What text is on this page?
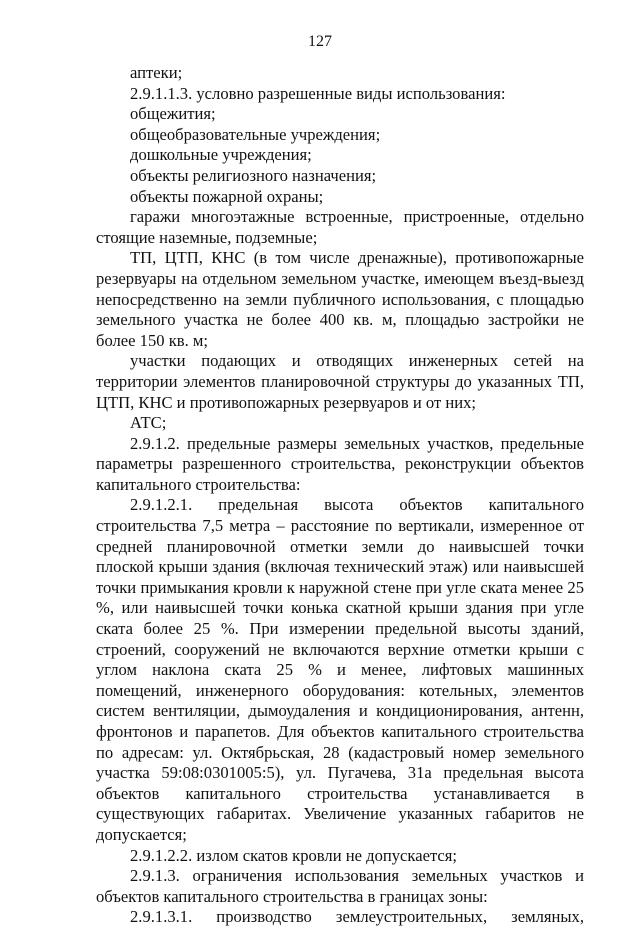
127

аптеки;

2.9.1.1.3. условно разрешенные виды использования:

общежития;

общеобразовательные учреждения;

дошкольные учреждения;

объекты религиозного назначения;

объекты пожарной охраны;

гаражи многоэтажные встроенные, пристроенные, отдельно стоящие наземные, подземные;

ТП, ЦТП, КНС (в том числе дренажные), противопожарные резервуары на отдельном земельном участке, имеющем въезд-выезд непосредственно на земли публичного использования, с площадью земельного участка не более 400 кв. м, площадью застройки не более 150 кв. м;

участки подающих и отводящих инженерных сетей на территории элементов планировочной структуры до указанных ТП, ЦТП, КНС и противопожарных резервуаров и от них;

АТС;

2.9.1.2. предельные размеры земельных участков, предельные параметры разрешенного строительства, реконструкции объектов капитального строительства:

2.9.1.2.1. предельная высота объектов капитального строительства 7,5 метра – расстояние по вертикали, измеренное от средней планировочной отметки земли до наивысшей точки плоской крыши здания (включая технический этаж) или наивысшей точки примыкания кровли к наружной стене при угле ската менее 25 %, или наивысшей точки конька скатной крыши здания при угле ската более 25 %. При измерении предельной высоты зданий, строений, сооружений не включаются верхние отметки крыши с углом наклона ската 25 % и менее, лифтовых машинных помещений, инженерного оборудования: котельных, элементов систем вентиляции, дымоудаления и кондиционирования, антенн, фронтонов и парапетов. Для объектов капитального строительства по адресам: ул. Октябрьская, 28 (кадастровый номер земельного участка 59:08:0301005:5), ул. Пугачева, 31а предельная высота объектов капитального строительства устанавливается в существующих габаритах. Увеличение указанных габаритов не допускается;

2.9.1.2.2. излом скатов кровли не допускается;

2.9.1.3. ограничения использования земельных участков и объектов капитального строительства в границах зоны:

2.9.1.3.1. производство землеустроительных, земляных,
